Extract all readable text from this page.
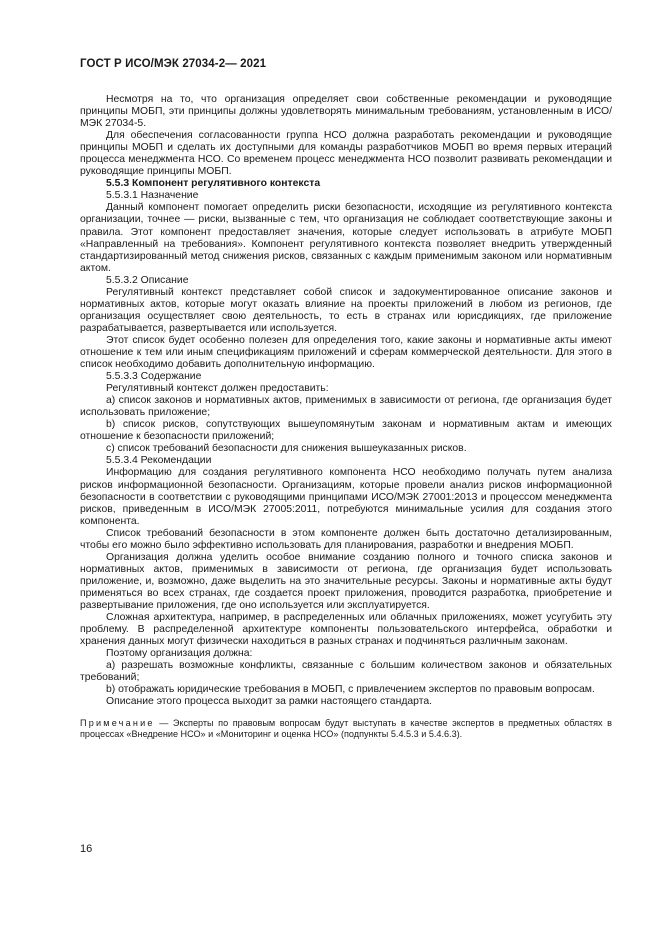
ГОСТ Р ИСО/МЭК 27034-2— 2021

Несмотря на то, что организация определяет свои собственные рекомендации и руководящие принципы МОБП, эти принципы должны удовлетворять минимальным требованиям, установленным в ИСО/МЭК 27034-5.

Для обеспечения согласованности группа НСО должна разработать рекомендации и руководящие принципы МОБП и сделать их доступными для команды разработчиков МОБП во время первых итераций процесса менеджмента НСО. Со временем процесс менеджмента НСО позволит развивать рекомендации и руководящие принципы МОБП.

5.5.3 Компонент регулятивного контекста

5.5.3.1 Назначение

Данный компонент помогает определить риски безопасности, исходящие из регулятивного контекста организации, точнее — риски, вызванные с тем, что организация не соблюдает соответствующие законы и правила. Этот компонент предоставляет значения, которые следует использовать в атрибуте МОБП «Направленный на требования». Компонент регулятивного контекста позволяет внедрить утвержденный стандартизированный метод снижения рисков, связанных с каждым применимым законом или нормативным актом.

5.5.3.2 Описание

Регулятивный контекст представляет собой список и задокументированное описание законов и нормативных актов, которые могут оказать влияние на проекты приложений в любом из регионов, где организация осуществляет свою деятельность, то есть в странах или юрисдикциях, где приложение разрабатывается, развертывается или используется.

Этот список будет особенно полезен для определения того, какие законы и нормативные акты имеют отношение к тем или иным спецификациям приложений и сферам коммерческой деятельности. Для этого в список необходимо добавить дополнительную информацию.

5.5.3.3 Содержание

Регулятивный контекст должен предоставить:

а) список законов и нормативных актов, применимых в зависимости от региона, где организация будет использовать приложение;

b) список рисков, сопутствующих вышеупомянутым законам и нормативным актам и имеющих отношение к безопасности приложений;

с) список требований безопасности для снижения вышеуказанных рисков.

5.5.3.4 Рекомендации

Информацию для создания регулятивного компонента НСО необходимо получать путем анализа рисков информационной безопасности. Организациям, которые провели анализ рисков информационной безопасности в соответствии с руководящими принципами ИСО/МЭК 27001:2013 и процессом менеджмента рисков, приведенным в ИСО/МЭК 27005:2011, потребуются минимальные усилия для создания этого компонента.

Список требований безопасности в этом компоненте должен быть достаточно детализированным, чтобы его можно было эффективно использовать для планирования, разработки и внедрения МОБП.

Организация должна уделить особое внимание созданию полного и точного списка законов и нормативных актов, применимых в зависимости от региона, где организация будет использовать приложение, и, возможно, даже выделить на это значительные ресурсы. Законы и нормативные акты будут применяться во всех странах, где создается проект приложения, проводится разработка, приобретение и развертывание приложения, где оно используется или эксплуатируется.

Сложная архитектура, например, в распределенных или облачных приложениях, может усугубить эту проблему. В распределенной архитектуре компоненты пользовательского интерфейса, обработки и хранения данных могут физически находиться в разных странах и подчиняться различным законам.

Поэтому организация должна:

а) разрешать возможные конфликты, связанные с большим количеством законов и обязательных требований;

b) отображать юридические требования в МОБП, с привлечением экспертов по правовым вопросам.

Описание этого процесса выходит за рамки настоящего стандарта.

Примечание — Эксперты по правовым вопросам будут выступать в качестве экспертов в предметных областях в процессах «Внедрение НСО» и «Мониторинг и оценка НСО» (подпункты 5.4.5.3 и 5.4.6.3).

16
